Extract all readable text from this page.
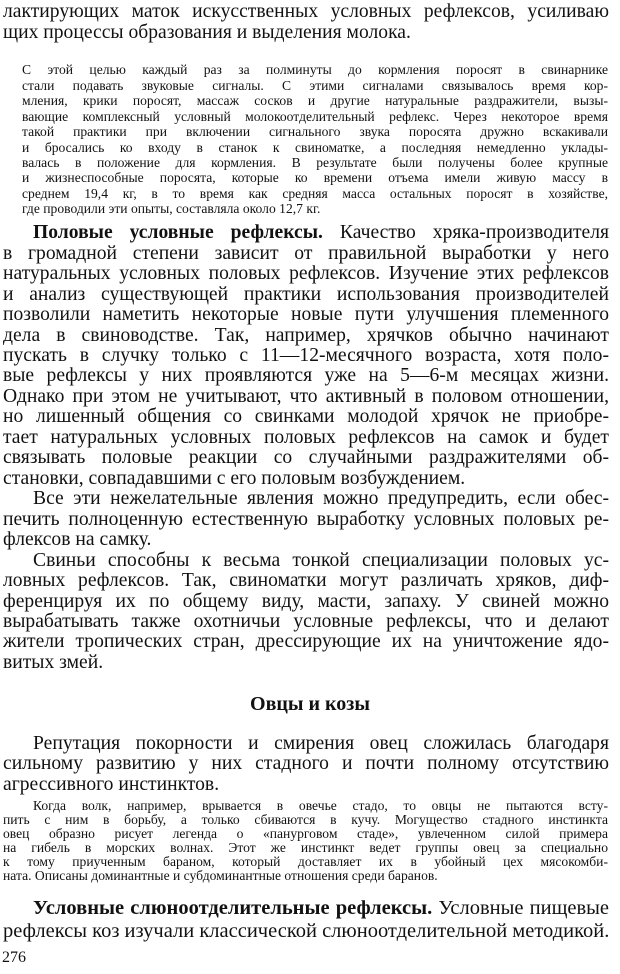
лактирующих маток искусственных условных рефлексов, усиливаю

щих процессы образования и выделения молока.

С этой целью каждый раз за полминуты до кормления поросят в свинарнике

стали подавать звуковые сигналы. С этими сигналами связывалось время кор-

мления, крики поросят, массаж сосков и другие натуральные раздражители, вызы-

вающие комплексный условный молокоотделительный рефлекс. Через некоторое время

такой практики при включении сигнального звука поросята дружно вскакивали

и бросались ко входу в станок к свиноматке, а последняя немедленно уклады-

валась в положение для кормления. В результате были получены более крупные

и жизнеспособные поросята, которые ко времени отъема имели живую массу в

среднем 19,4 кг, в то время как средняя масса остальных поросят в хозяйстве,

где проводили эти опыты, составляла около 12,7 кг.

Половые условные рефлексы. Качество хряка-производителя

в громадной степени зависит от правильной выработки у него

натуральных условных половых рефлексов. Изучение этих рефлексов

и анализ существующей практики использования производителей

позволили наметить некоторые новые пути улучшения племенного

дела в свиноводстве. Так, например, хрячков обычно начинают

пускать в случку только с 11—12-месячного возраста, хотя поло-

вые рефлексы у них проявляются уже на 5—6-м месяцах жизни.

Однако при этом не учитывают, что активный в половом отношении,

но лишенный общения со свинками молодой хрячок не приобре-

тает натуральных условных половых рефлексов на самок и будет

связывать половые реакции со случайными раздражителями об-

становки, совпадавшими с его половым возбуждением.

Все эти нежелательные явления можно предупредить, если обес-

печить полноценную естественную выработку условных половых ре-

флексов на самку.

Свиньи способны к весьма тонкой специализации половых ус-

ловных рефлексов. Так, свиноматки могут различать хряков, диф-

ференцируя их по общему виду, масти, запаху. У свиней можно

вырабатывать также охотничьи условные рефлексы, что и делают

жители тропических стран, дрессирующие их на уничтожение ядо-

витых змей.

Овцы и козы

Репутация покорности и смирения овец сложилась благодаря

сильному развитию у них стадного и почти полному отсутствию

агрессивного инстинктов.

Когда волк, например, врывается в овечье стадо, то овцы не пытаются всту-

пить с ним в борьбу, а только сбиваются в кучу. Могущество стадного инстинкта

овец образно рисует легенда о «панурговом стаде», увлеченном силой примера

на гибель в морских волнах. Этот же инстинкт ведет группы овец за специально

к тому приученным бараном, который доставляет их в убойный цех мясокомби-

ната. Описаны доминантные и субдоминантные отношения среди баранов.

276

Условные слюноотделительные рефлексы. Условные пищевые

рефлексы коз изучали классической слюноотделительной методикой.
